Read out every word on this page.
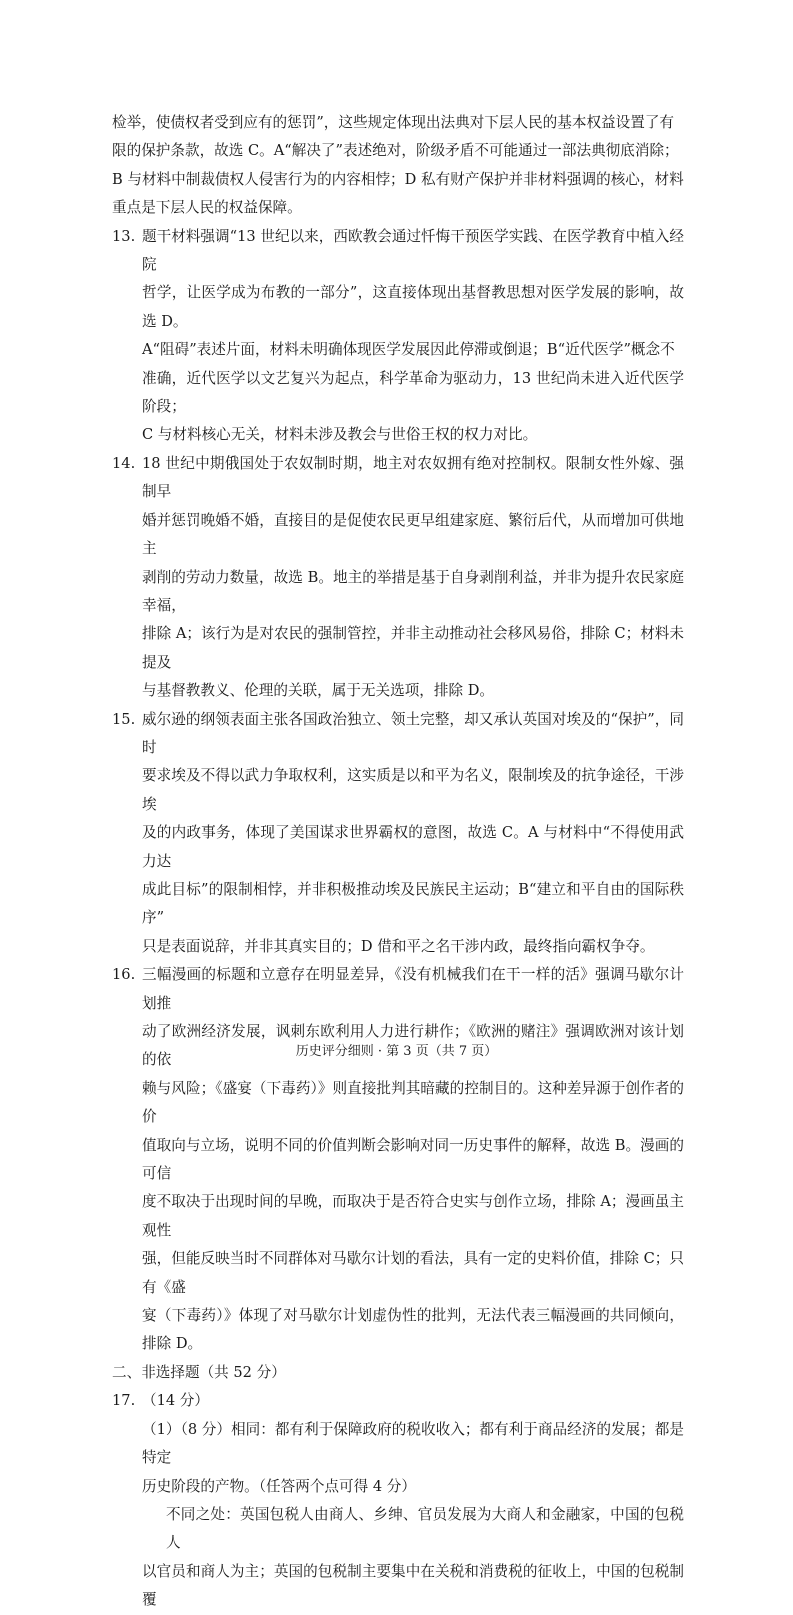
检举，使债权者受到应有的惩罚”，这些规定体现出法典对下层人民的基本权益设置了有
限的保护条款，故选 C。A“解决了”表述绝对，阶级矛盾不可能通过一部法典彻底消除；
B 与材料中制裁债权人侵害行为的内容相悖；D 私有财产保护并非材料强调的核心，材料
重点是下层人民的权益保障。
13. 题干材料强调“13 世纪以来，西欧教会通过忏悔干预医学实践、在医学教育中植入经院
哲学，让医学成为布教的一部分”，这直接体现出基督教思想对医学发展的影响，故选 D。
A“阻碍”表述片面，材料未明确体现医学发展因此停滞或倒退；B“近代医学”概念不
准确，近代医学以文艺复兴为起点，科学革命为驱动力，13 世纪尚未进入近代医学阶段；
C 与材料核心无关，材料未涉及教会与世俗王权的权力对比。
14. 18 世纪中期俄国处于农奴制时期，地主对农奴拥有绝对控制权。限制女性外嫁、强制早
婚并惩罚晚婚不婚，直接目的是促使农民更早组建家庭、繁衍后代，从而增加可供地主
剥削的劳动力数量，故选 B。地主的举措是基于自身剥削利益，并非为提升农民家庭幸福，
排除 A；该行为是对农民的强制管控，并非主动推动社会移风易俗，排除 C；材料未提及
与基督教教义、伦理的关联，属于无关选项，排除 D。
15. 威尔逊的纲领表面主张各国政治独立、领土完整，却又承认英国对埃及的“保护”，同时
要求埃及不得以武力争取权利，这实质是以和平为名义，限制埃及的抗争途径，干涉埃
及的内政事务，体现了美国谋求世界霸权的意图，故选 C。A 与材料中“不得使用武力达
成此目标”的限制相悖，并非积极推动埃及民族民主运动；B“建立和平自由的国际秩序”
只是表面说辞，并非其真实目的；D 借和平之名干涉内政，最终指向霸权争夺。
16. 三幅漫画的标题和立意存在明显差异，《没有机械我们在干一样的活》强调马歇尔计划推
动了欧洲经济发展，讽刺东欧利用人力进行耕作；《欧洲的赌注》强调欧洲对该计划的依
赖与风险；《盛宴（下毒药）》则直接批判其暗藏的控制目的。这种差异源于创作者的价
值取向与立场，说明不同的价值判断会影响对同一历史事件的解释，故选 B。漫画的可信
度不取决于出现时间的早晚，而取决于是否符合史实与创作立场，排除 A；漫画虽主观性
强，但能反映当时不同群体对马歇尔计划的看法，具有一定的史料价值，排除 C；只有《盛
宴（下毒药）》体现了对马歇尔计划虚伪性的批判，无法代表三幅漫画的共同倾向，排除 D。
二、非选择题（共 52 分）
17. （14 分）
（1）（8 分）相同：都有利于保障政府的税收收入；都有利于商品经济的发展；都是特定
历史阶段的产物。（任答两个点可得 4 分）
不同之处：英国包税人由商人、乡绅、官员发展为大商人和金融家，中国的包税人
以官员和商人为主；英国的包税制主要集中在关税和消费税的征收上，中国的包税制覆
历史评分细则 · 第 3 页（共 7 页）
